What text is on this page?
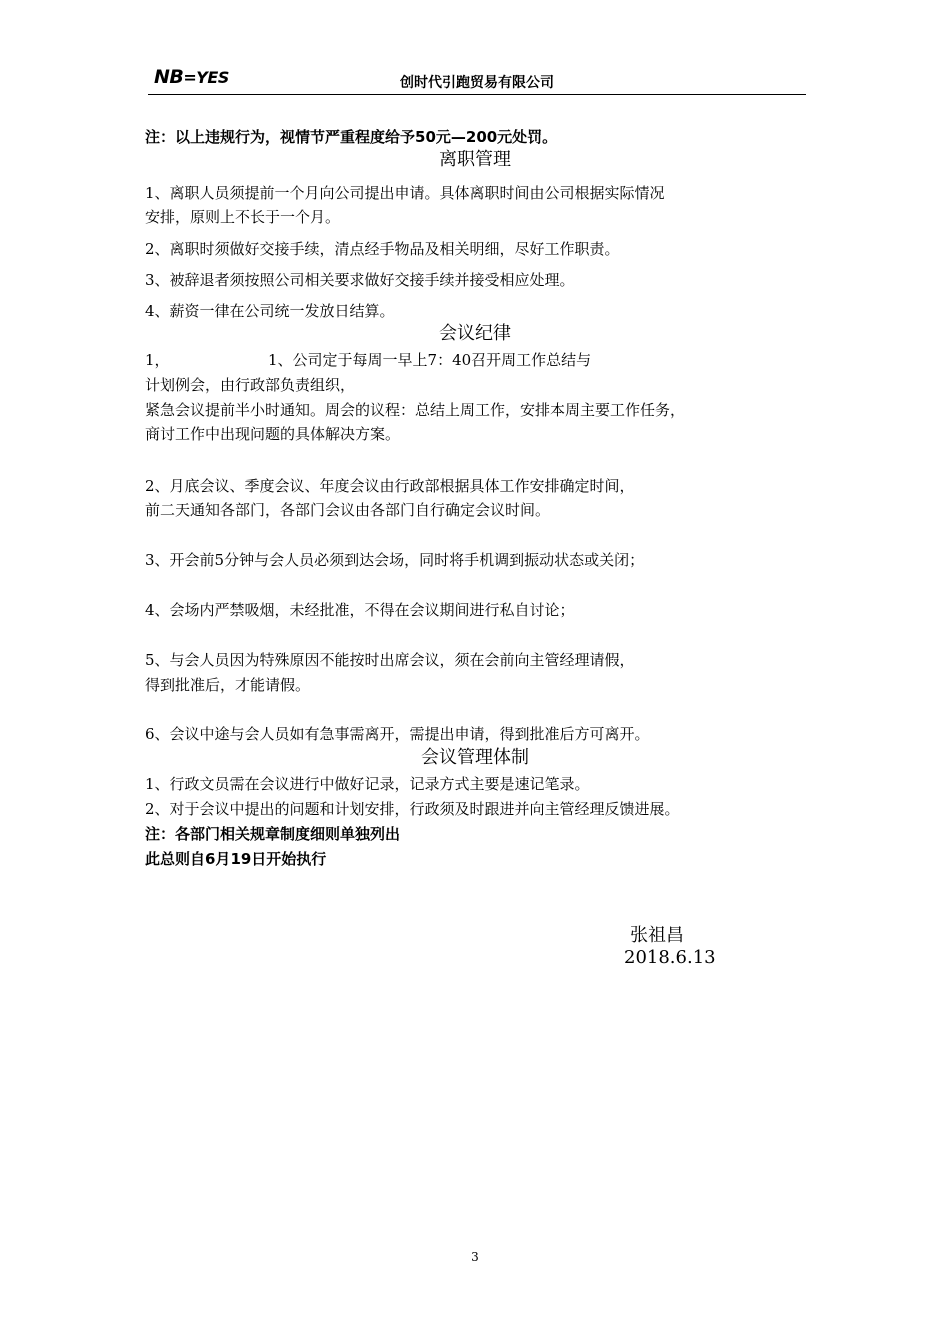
NB=YES	创时代引跑贸易有限公司
注：以上违规行为，视情节严重程度给予50元—200元处罚。
离职管理
1、离职人员须提前一个月向公司提出申请。具体离职时间由公司根据实际情况
安排，原则上不长于一个月。
2、离职时须做好交接手续，清点经手物品及相关明细，尽好工作职责。
3、被辞退者须按照公司相关要求做好交接手续并接受相应处理。
4、薪资一律在公司统一发放日结算。
会议纪律
1，	1、公司定于每周一早上7：40召开周工作总结与
计划例会，由行政部负责组织，
紧急会议提前半小时通知。周会的议程：总结上周工作，安排本周主要工作任务，
商讨工作中出现问题的具体解决方案。
2、月底会议、季度会议、年度会议由行政部根据具体工作安排确定时间，
前二天通知各部门，各部门会议由各部门自行确定会议时间。
3、开会前5分钟与会人员必须到达会场，同时将手机调到振动状态或关闭；
4、会场内严禁吸烟，未经批准，不得在会议期间进行私自讨论；
5、与会人员因为特殊原因不能按时出席会议，须在会前向主管经理请假，
得到批准后，才能请假。
6、会议中途与会人员如有急事需离开，需提出申请，得到批准后方可离开。
会议管理体制
1、行政文员需在会议进行中做好记录，记录方式主要是速记笔录。
2、对于会议中提出的问题和计划安排，行政须及时跟进并向主管经理反馈进展。
注：各部门相关规章制度细则单独列出
此总则自6月19日开始执行
张祖昌
2018.6.13
3
